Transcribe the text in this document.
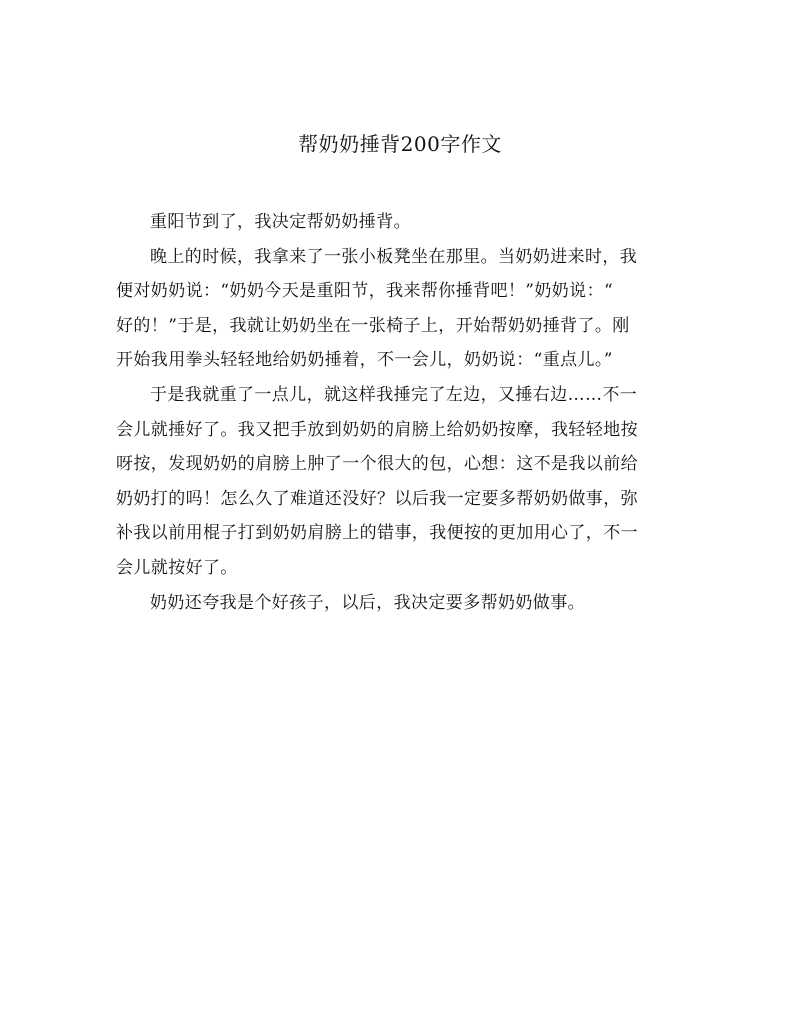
帮奶奶捶背200字作文

重阳节到了，我决定帮奶奶捶背。

晚上的时候，我拿来了一张小板凳坐在那里。当奶奶进来时，我
便对奶奶说：“奶奶今天是重阳节，我来帮你捶背吧！”奶奶说：“
好的！”于是，我就让奶奶坐在一张椅子上，开始帮奶奶捶背了。刚
开始我用拳头轻轻地给奶奶捶着，不一会儿，奶奶说：“重点儿。”

于是我就重了一点儿，就这样我捶完了左边，又捶右边……不一
会儿就捶好了。我又把手放到奶奶的肩膀上给奶奶按摩，我轻轻地按
呀按，发现奶奶的肩膀上肿了一个很大的包，心想：这不是我以前给
奶奶打的吗！怎么久了难道还没好？以后我一定要多帮奶奶做事，弥
补我以前用棍子打到奶奶肩膀上的错事，我便按的更加用心了，不一
会儿就按好了。

奶奶还夸我是个好孩子，以后，我决定要多帮奶奶做事。
